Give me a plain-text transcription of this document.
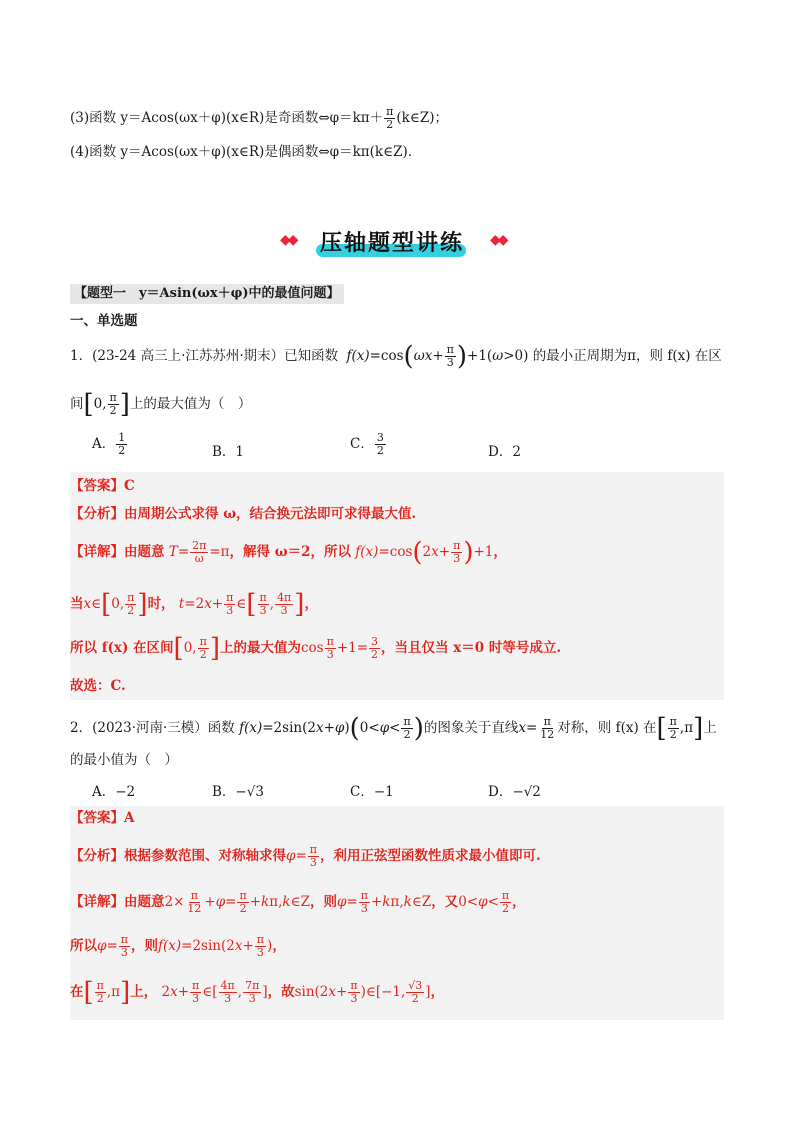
(3)函数 y＝Acos(ωx＋φ)(x∈R)是奇函数⇔φ＝kπ＋ $\frac{\pi}{2}$ (k∈Z)；
(4)函数 y＝Acos(ωx＋φ)(x∈R)是偶函数⇔φ＝kπ(k∈Z).
◆◆ 压轴题型讲练 ◆◆
【题型一　y＝Asin(ωx＋φ)中的最值问题】
一、单选题
1．(23-24 高三上·江苏苏州·期末）已知函数 $f(x)=\cos(\omega x+ \frac{\pi}{3} )+1(\omega>0)$ 的最小正周期为π，则 f(x) 在区
间[0, $\frac{\pi}{2}$ ]上的最大值为（　）
A． $\frac{1}{2}$	B．1	C． $\frac{3}{2}$	D．2
【答案】C
【分析】由周期公式求得 ω，结合换元法即可求得最大值.
【详解】由题意 $T= \frac{2\pi}{\omega} =\pi$，解得 ω＝2，所以 $f(x)=\cos(2x+ \frac{\pi}{3} )+1$，
当x∈[0, $\frac{\pi}{2}$ ]时， $t=2x+ \frac{\pi}{3}$ ∈[ $\frac{\pi}{3}$ , $\frac{4\pi}{3}$ ]，
所以 f(x) 在区间[0, $\frac{\pi}{2}$ ]上的最大值为$\cos \frac{\pi}{3} +1= \frac{3}{2}$ ，当且仅当 x＝0 时等号成立.
故选：C.
2．(2023·河南·三模）函数 $f(x)=2\sin(2x+\varphi)(0<\varphi< \frac{\pi}{2}$ )的图象关于直线$x= \frac{\pi}{12}$ 对称，则 f(x) 在[ $\frac{\pi}{2} ,\pi$]上
的最小值为（　）
A．−2	B．−√3	C．−1	D．−√2
【答案】A
【分析】根据参数范围、对称轴求得$\varphi= \frac{\pi}{3}$ ，利用正弦型函数性质求最小值即可.
【详解】由题意$2\times \frac{\pi}{12} +\varphi= \frac{\pi}{2}$ +kπ,k∈Z，则$\varphi= \frac{\pi}{3}$ +kπ,k∈Z，又$0<\varphi< \frac{\pi}{2}$ ，
所以$\varphi= \frac{\pi}{3}$ ，则$f(x)=2\sin(2x+ \frac{\pi}{3}$ )，
在[ $\frac{\pi}{2} ,\pi$]上， $2x+ \frac{\pi}{3}$ ∈[ $\frac{4\pi}{3}$ , $\frac{7\pi}{3}$ ]，故$\sin(2x+ \frac{\pi}{3}$ )∈[−1, $\frac{√3}{2}$ ]，
